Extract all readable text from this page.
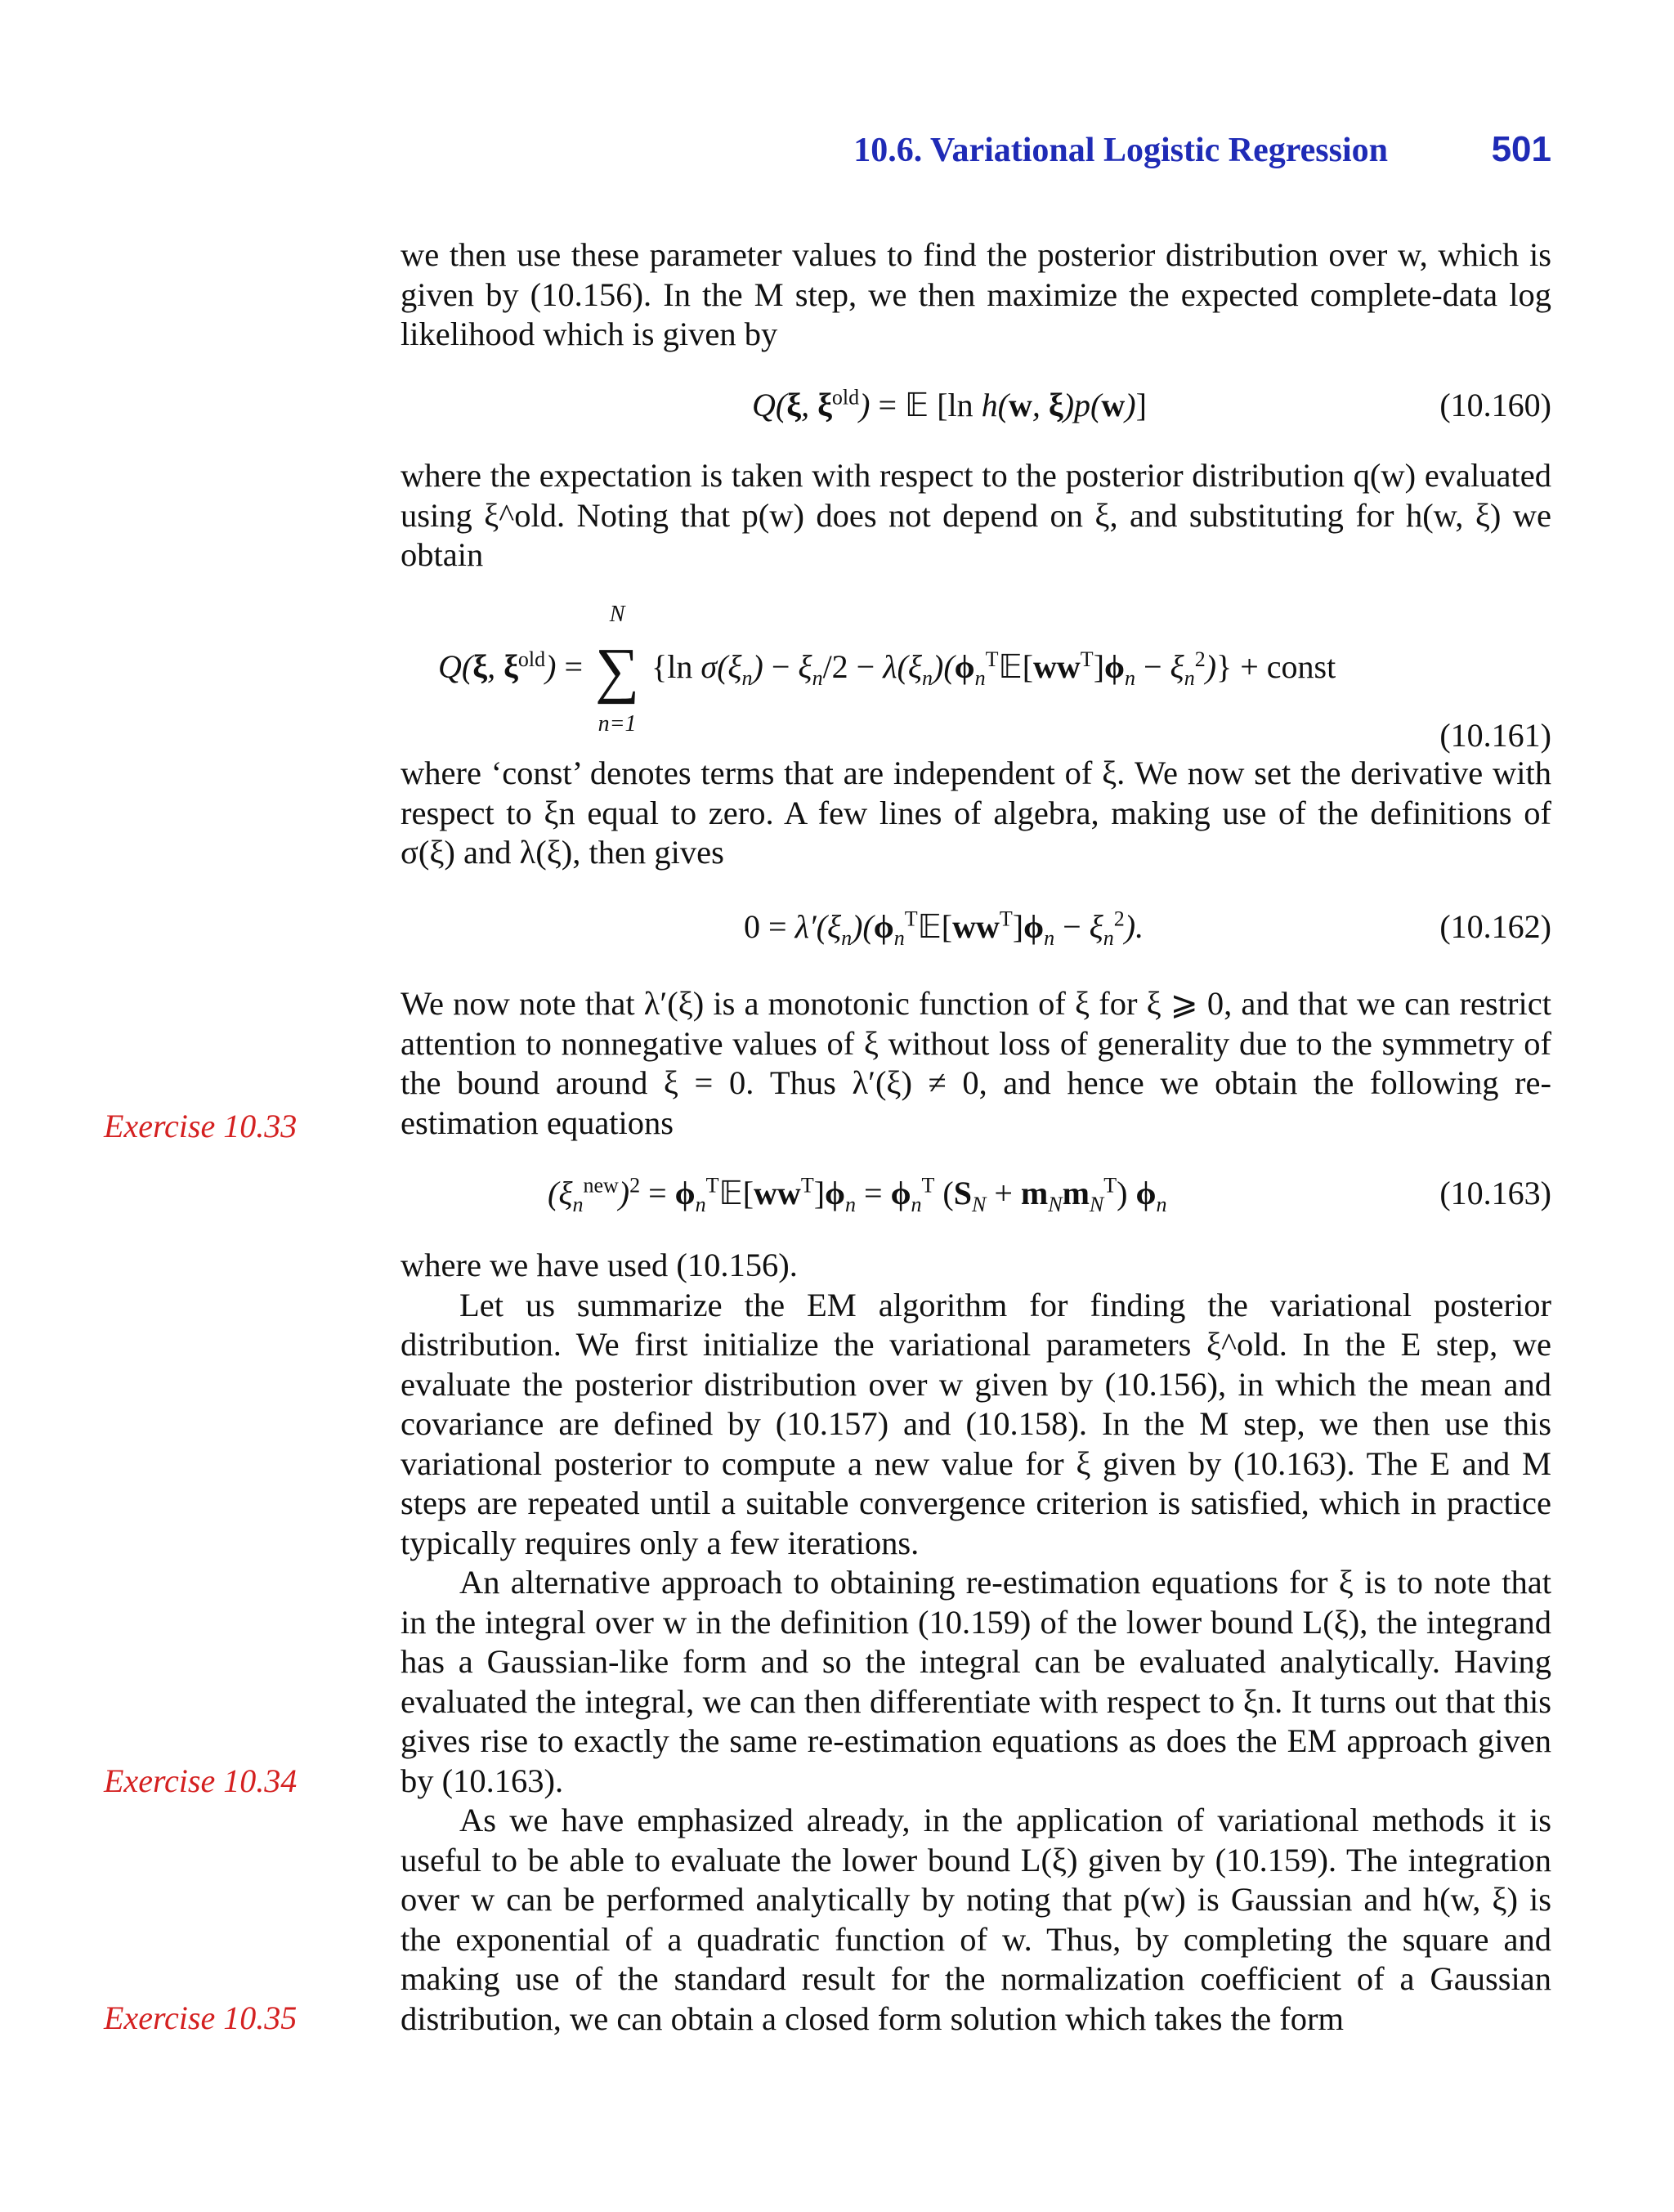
10.6. Variational Logistic Regression	501

we then use these parameter values to find the posterior distribution over w, which is given by (10.156). In the M step, we then maximize the expected complete-data log likelihood which is given by

Q(ξ, $\xi^{old}$) = 𝔼 [ln h(w, ξ)p(w)]	(10.160)

where the expectation is taken with respect to the posterior distribution q(w) evaluated using ξ^old. Noting that p(w) does not depend on ξ, and substituting for h(w, ξ) we obtain

Q(ξ, $\xi^{old}$) =
N
∑
n=1
{ln $\sigma(\xi_n) - \xi_n/2$ − $\lambda(\xi_n)(\phi_n^T𝔼[ww^T]\phi_n - \xi_n^2)$} + const
(10.161)

where ‘const’ denotes terms that are independent of ξ. We now set the derivative with respect to ξn equal to zero. A few lines of algebra, making use of the definitions of σ(ξ) and λ(ξ), then gives

$0 = \lambda'(\xi_n)(\phi_n^T𝔼[ww^T]\phi_n - \xi_n^2)$.	(10.162)

We now note that λ′(ξ) is a monotonic function of ξ for ξ ⩾ 0, and that we can restrict attention to nonnegative values of ξ without loss of generality due to the symmetry of the bound around ξ = 0. Thus λ′(ξ) ≠ 0, and hence we obtain the following re-estimation equations

Exercise 10.33
$(\xi_n^{new})^2$ = $\phi_n^T𝔼[ww^T]\phi_n = \phi_n^T$ $(S_N + m_Nm_N^T)$ $\phi_n$	(10.163)

where we have used (10.156).

Let us summarize the EM algorithm for finding the variational posterior distribution. We first initialize the variational parameters ξ^old. In the E step, we evaluate the posterior distribution over w given by (10.156), in which the mean and covariance are defined by (10.157) and (10.158). In the M step, we then use this variational posterior to compute a new value for ξ given by (10.163). The E and M steps are repeated until a suitable convergence criterion is satisfied, which in practice typically requires only a few iterations.

An alternative approach to obtaining re-estimation equations for ξ is to note that in the integral over w in the definition (10.159) of the lower bound L(ξ), the integrand has a Gaussian-like form and so the integral can be evaluated analytically. Having evaluated the integral, we can then differentiate with respect to ξn. It turns out that this gives rise to exactly the same re-estimation equations as does the EM approach given by (10.163).

As we have emphasized already, in the application of variational methods it is useful to be able to evaluate the lower bound L(ξ) given by (10.159). The integration over w can be performed analytically by noting that p(w) is Gaussian and h(w, ξ) is the exponential of a quadratic function of w. Thus, by completing the square and making use of the standard result for the normalization coefficient of a Gaussian distribution, we can obtain a closed form solution which takes the form

Exercise 10.34
Exercise 10.35
